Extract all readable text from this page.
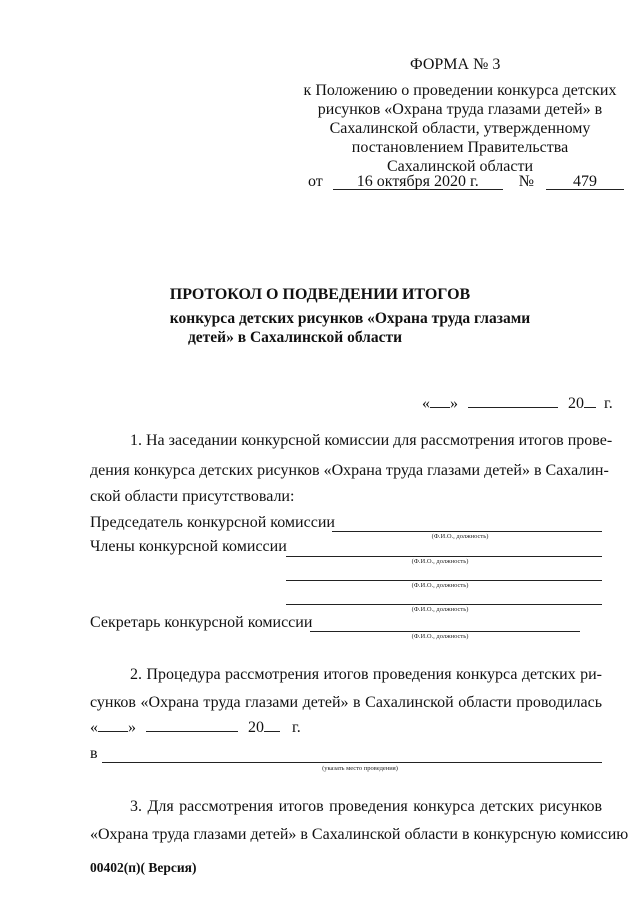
ФОРМА № 3
к Положению о проведении конкурса детских
рисунков «Охрана труда глазами детей» в
Сахалинской области, утвержденному
постановлением Правительства
Сахалинской области
от 16 октября 2020 г.	№ 479
ПРОТОКОЛ О ПОДВЕДЕНИИ ИТОГОВ
конкурса детских рисунков «Охрана труда глазами
детей» в Сахалинской области
« »	20 г.
1. На заседании конкурсной комиссии для рассмотрения итогов прове-
дения конкурса детских рисунков «Охрана труда глазами детей» в Сахалин-
ской области присутствовали:
Председатель конкурсной комиссии
(Ф.И.О., должность)
Члены конкурсной комиссии
(Ф.И.О., должность)
(Ф.И.О., должность)
(Ф.И.О., должность)
Секретарь конкурсной комиссии
(Ф.И.О., должность)
2. Процедура рассмотрения итогов проведения конкурса детских ри-
сунков «Охрана труда глазами детей» в Сахалинской области проводилась
« »	20 г.
в
(указать место проведения)
3. Для рассмотрения итогов проведения конкурса детских рисунков
«Охрана труда глазами детей» в Сахалинской области в конкурсную комиссию
00402(п)( Версия)
